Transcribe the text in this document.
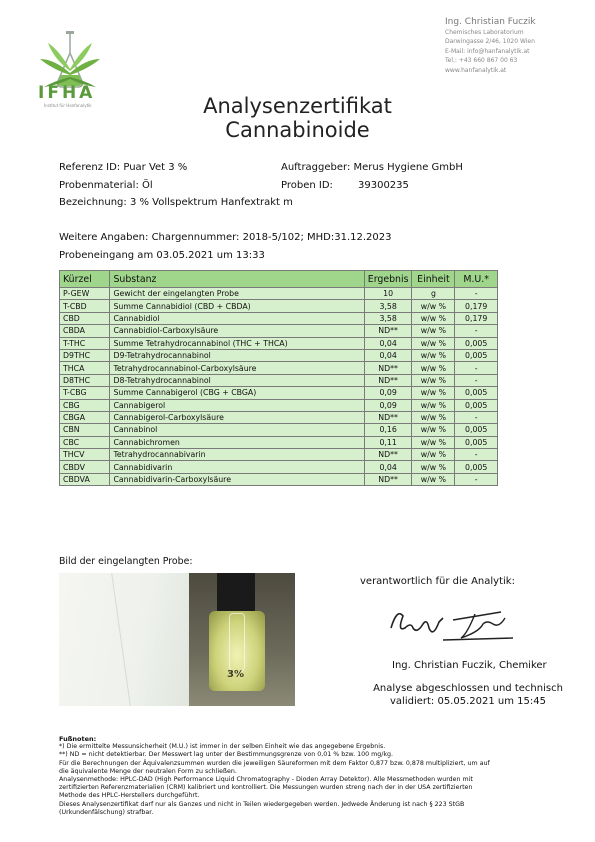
IFHA
Institut für Hanfanalytik
Ing. Christian Fuczik
Chemisches Laboratorium
Darwingasse 2/46, 1020 Wien
E-Mail: info@hanfanalytik.at
Tel.: +43 660 867 00 63
www.hanfanalytik.at
Analysenzertifikat
Cannabinoide
Referenz ID: Puar Vet 3 %	Auftraggeber: Merus Hygiene GmbH
Probenmaterial: Öl	Proben ID:	39300235
Bezeichnung: 3 % Vollspektrum Hanfextrakt m
Weitere Angaben: Chargennummer: 2018-5/102; MHD:31.12.2023
Probeneingang am 03.05.2021 um 13:33
Kürzel	Substanz	Ergebnis	Einheit	M.U.*
P-GEW	Gewicht der eingelangten Probe	10	g	-
T-CBD	Summe Cannabidiol (CBD + CBDA)	3,58	w/w %	0,179
CBD	Cannabidiol	3,58	w/w %	0,179
CBDA	Cannabidiol-Carboxylsäure	ND**	w/w %	-
T-THC	Summe Tetrahydrocannabinol (THC + THCA)	0,04	w/w %	0,005
D9THC	D9-Tetrahydrocannabinol	0,04	w/w %	0,005
THCA	Tetrahydrocannabinol-Carboxylsäure	ND**	w/w %	-
D8THC	D8-Tetrahydrocannabinol	ND**	w/w %	-
T-CBG	Summe Cannabigerol (CBG + CBGA)	0,09	w/w %	0,005
CBG	Cannabigerol	0,09	w/w %	0,005
CBGA	Cannabigerol-Carboxylsäure	ND**	w/w %	-
CBN	Cannabinol	0,16	w/w %	0,005
CBC	Cannabichromen	0,11	w/w %	0,005
THCV	Tetrahydrocannabivarin	ND**	w/w %	-
CBDV	Cannabidivarin	0,04	w/w %	0,005
CBDVA	Cannabidivarin-Carboxylsäure	ND**	w/w %	-
Bild der eingelangten Probe:
3%
verantwortlich für die Analytik:
Ing. Christian Fuczik, Chemiker
Analyse abgeschlossen und technisch
validiert: 05.05.2021 um 15:45
Fußnoten:
*) Die ermittelte Messunsicherheit (M.U.) ist immer in der selben Einheit wie das angegebene Ergebnis.
**) ND = nicht detektierbar. Der Messwert lag unter der Bestimmungsgrenze von 0,01 % bzw. 100 mg/kg.
Für die Berechnungen der Äquivalenzsummen wurden die jeweiligen Säureformen mit dem Faktor 0,877 bzw. 0,878 multipliziert, um auf
die äquivalente Menge der neutralen Form zu schließen.
Analysenmethode: HPLC-DAD (High Performance Liquid Chromatography - Dioden Array Detektor). Alle Messmethoden wurden mit
zertifizierten Referenzmaterialien (CRM) kalibriert und kontrolliert. Die Messungen wurden streng nach der in der USA zertifizierten
Methode des HPLC-Herstellers durchgeführt.
Dieses Analysenzertifikat darf nur als Ganzes und nicht in Teilen wiedergegeben werden. Jedwede Änderung ist nach § 223 StGB
(Urkundenfälschung) strafbar.
